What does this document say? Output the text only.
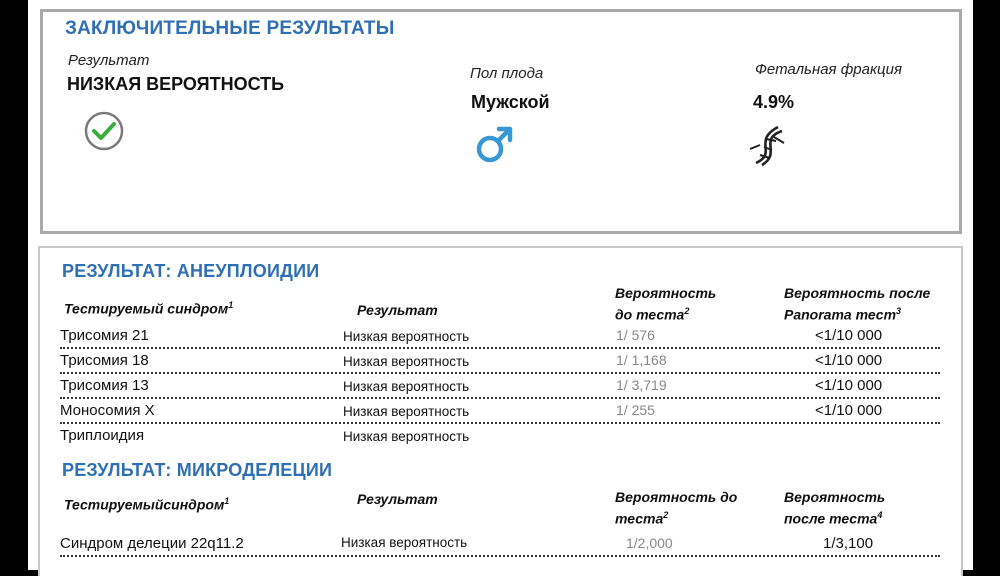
ЗАКЛЮЧИТЕЛЬНЫЕ РЕЗУЛЬТАТЫ
Результат
НИЗКАЯ ВЕРОЯТНОСТЬ
Пол плода
Мужской
Фетальная фракция
4.9%
РЕЗУЛЬТАТ: АНЕУПЛОИДИИ
Тестируемый синдром$^1$	Результат
Вероятность
до теста$^2$
Вероятность после
Panorama тест$^3$
Трисомия 21	Низкая вероятность	1/ 576	<1/10 000
Трисомия 18	Низкая вероятность	1/ 1,168	<1/10 000
Трисомия 13	Низкая вероятность	1/ 3,719	<1/10 000
Моносомия Х	Низкая вероятность	1/ 255	<1/10 000
Триплоидия	Низкая вероятность
РЕЗУЛЬТАТ: МИКРОДЕЛЕЦИИ
Тестируемыйсиндром$^1$	Результат	Вероятность до
теста$^2$
Вероятность
после теста$^4$
Синдром делеции 22q11.2	Низкая вероятность	1/2,000	1/3,100
